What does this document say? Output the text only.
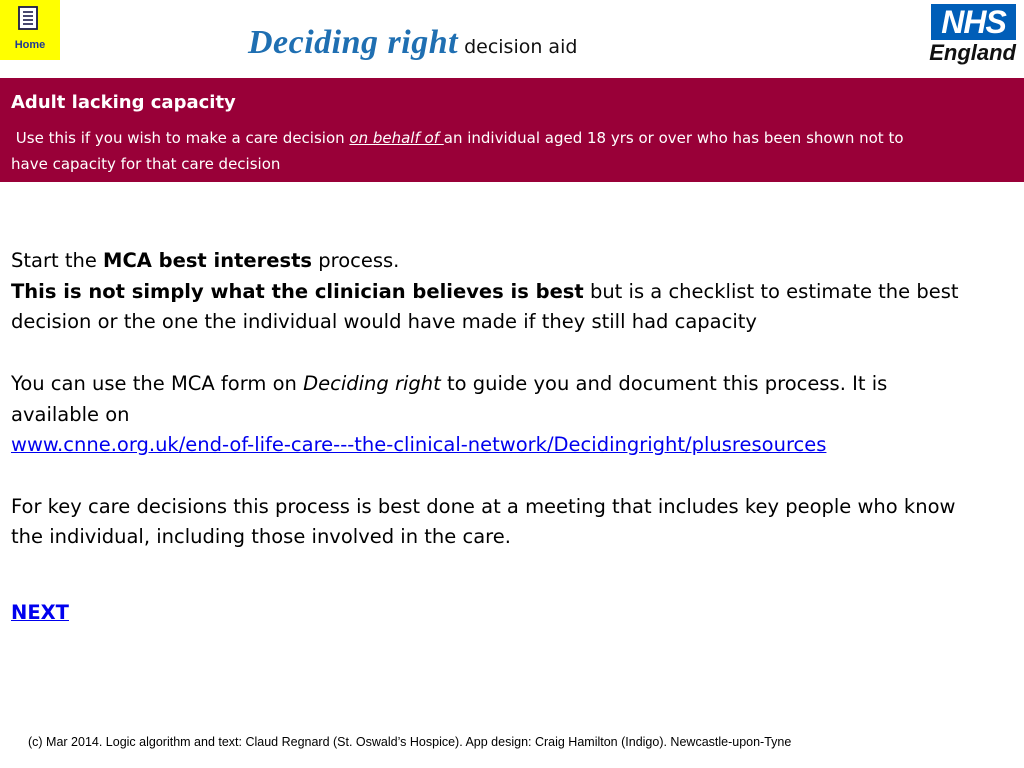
Home	Deciding right decision aid
NHS
England
Adult lacking capacity
Use this if you wish to make a care decision on behalf of an individual aged 18 yrs or over who has been shown not to have capacity for that care decision

Start the MCA best interests process.

This is not simply what the clinician believes is best but is a checklist to estimate the best decision or the one the individual would have made if they still had capacity

You can use the MCA form on Deciding right to guide you and document this process. It is available on

www.cnne.org.uk/end-of-life-care---the-clinical-network/Decidingright/plusresources

For key care decisions this process is best done at a meeting that includes key people who know the individual, including those involved in the care.

NEXT
(c) Mar 2014. Logic algorithm and text: Claud Regnard (St. Oswald’s Hospice). App design: Craig Hamilton (Indigo). Newcastle-upon-Tyne
